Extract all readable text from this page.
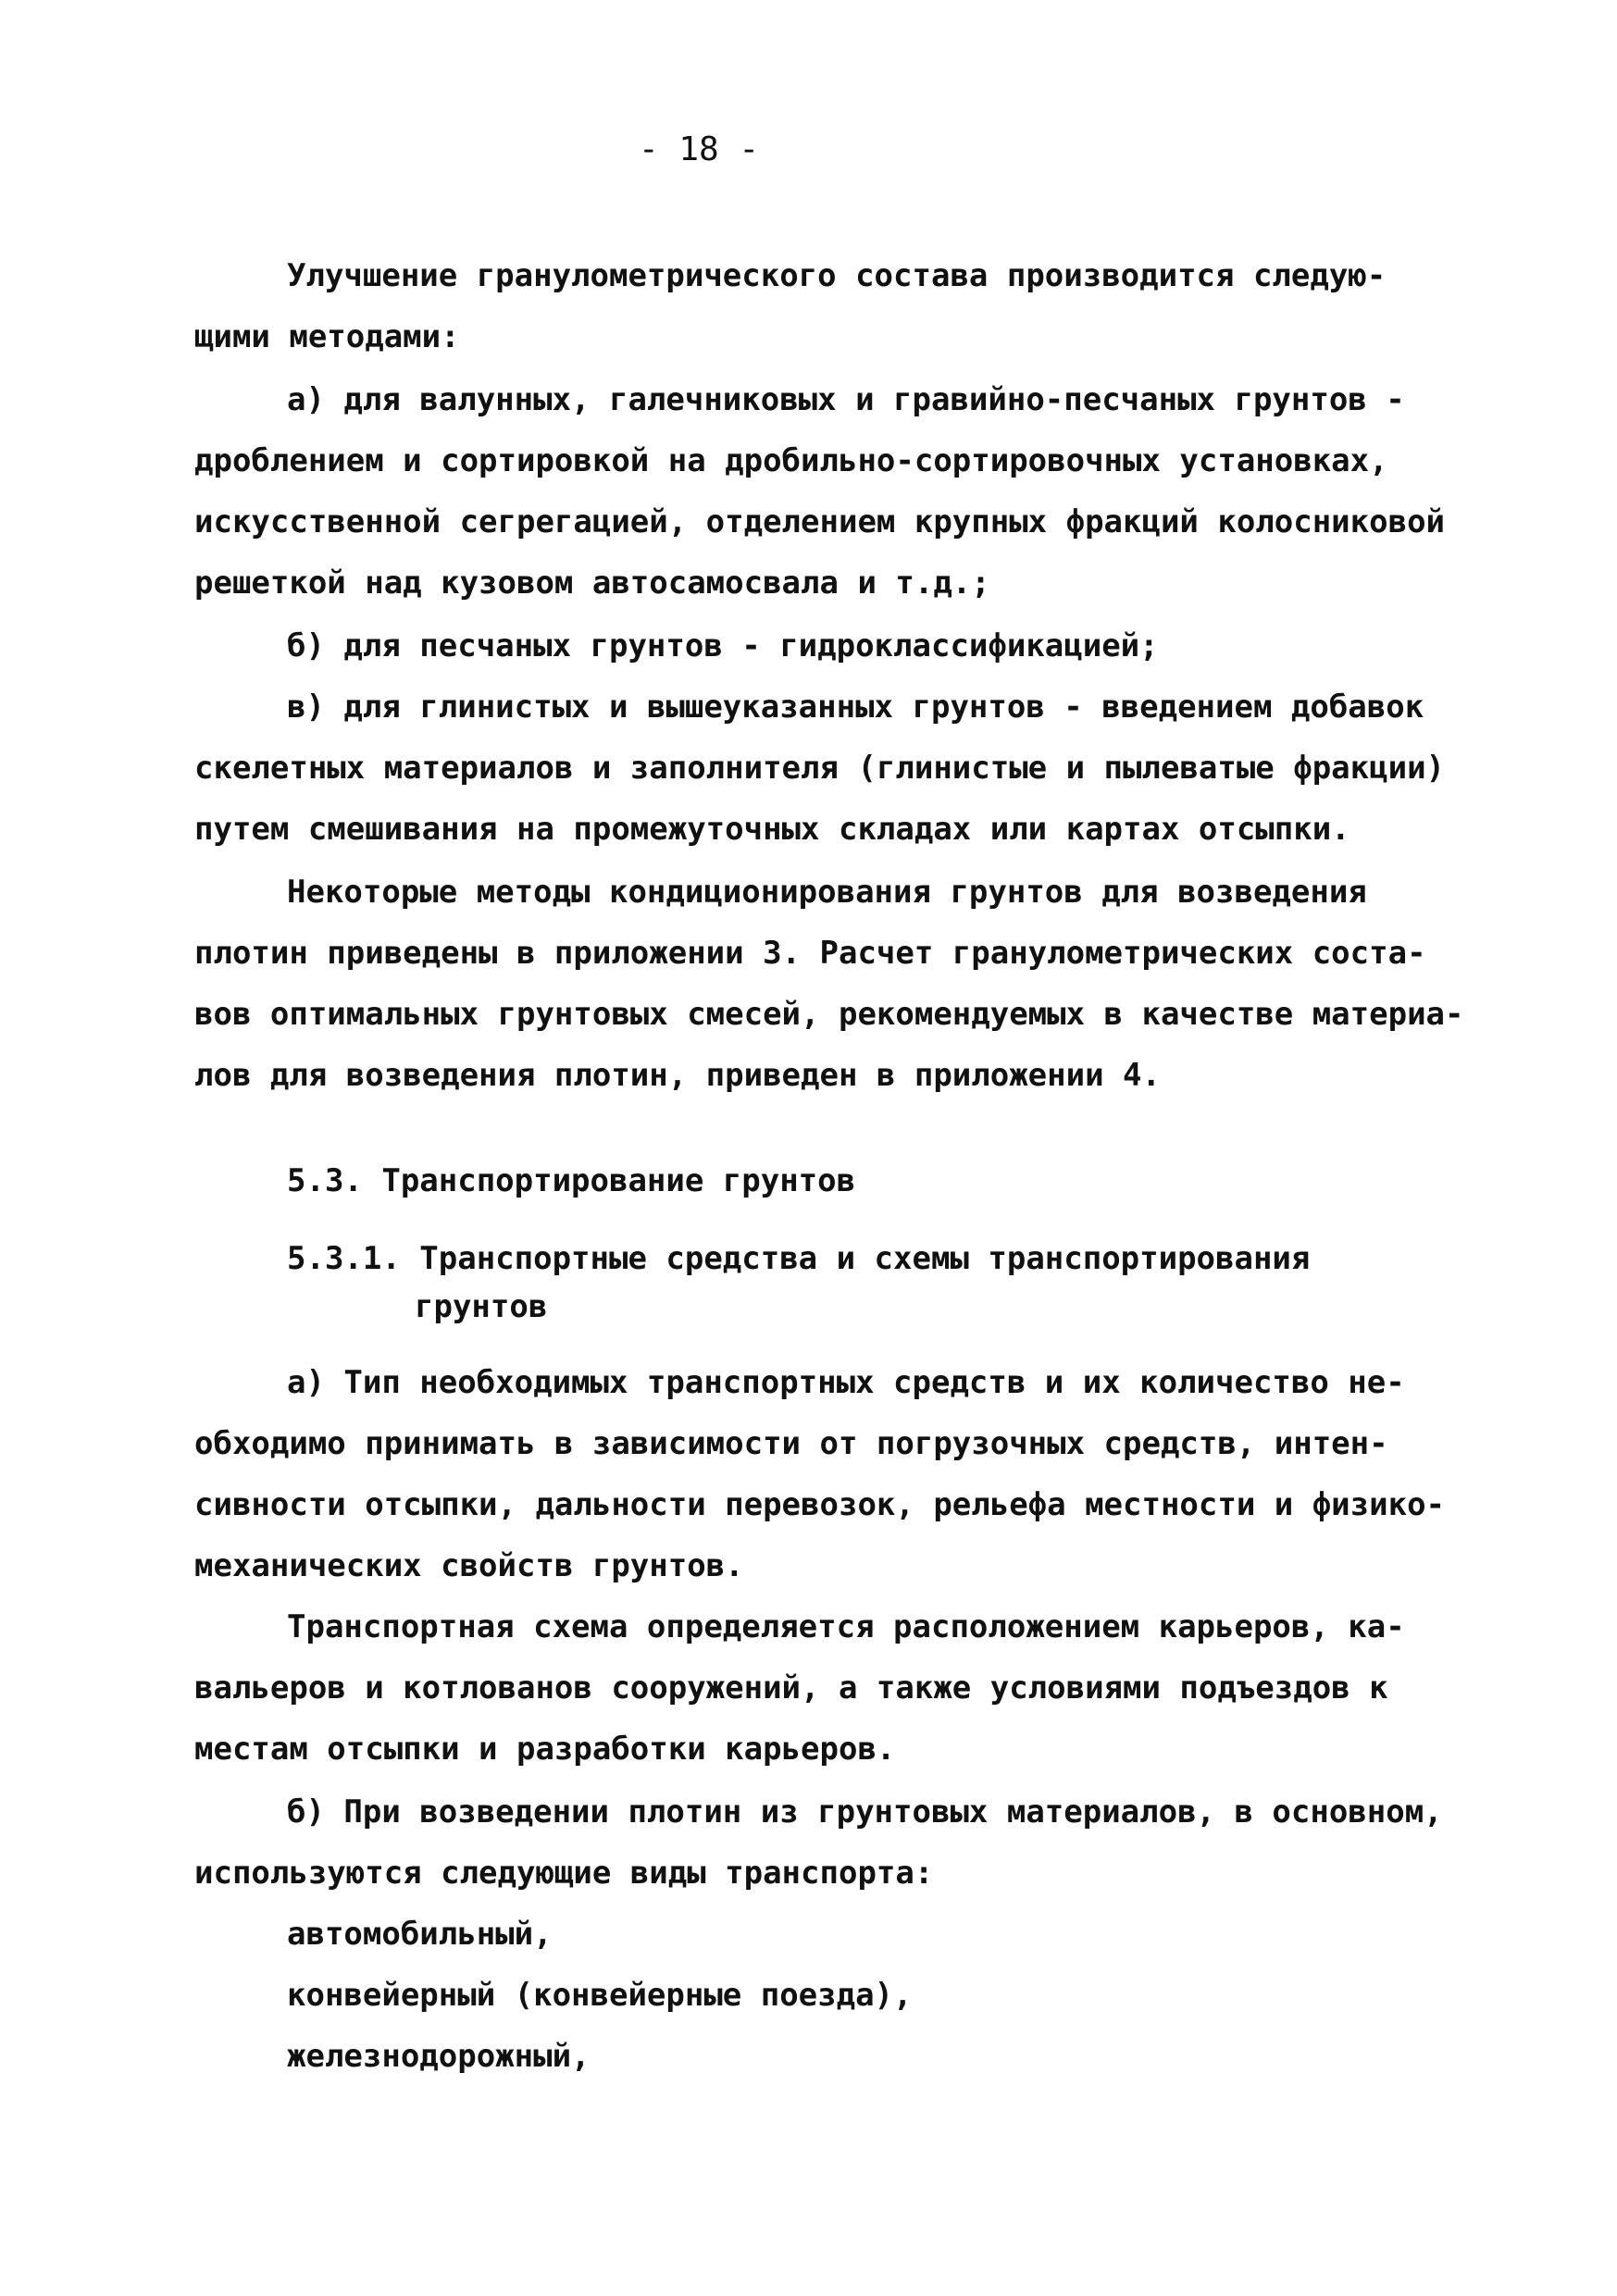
- 18 -
Улучшение гранулометрического состава производится следую-
щими методами:
а) для валунных, галечниковых и гравийно-песчаных грунтов -
дроблением и сортировкой на дробильно-сортировочных установках,
искусственной сегрегацией, отделением крупных фракций колосниковой
решеткой над кузовом автосамосвала и т.д.;
б) для песчаных грунтов - гидроклассификацией;
в) для глинистых и вышеуказанных грунтов - введением добавок
скелетных материалов и заполнителя (глинистые и пылеватые фракции)
путем смешивания на промежуточных складах или картах отсыпки.
Некоторые методы кондиционирования грунтов для возведения
плотин приведены в приложении 3. Расчет гранулометрических соста-
вов оптимальных грунтовых смесей, рекомендуемых в качестве материа-
лов для возведения плотин, приведен в приложении 4.
5.3. Транспортирование грунтов
5.3.1. Транспортные средства и схемы транспортирования
грунтов
а) Тип необходимых транспортных средств и их количество не-
обходимо принимать в зависимости от погрузочных средств, интен-
сивности отсыпки, дальности перевозок, рельефа местности и физико-
механических свойств грунтов.
Транспортная схема определяется расположением карьеров, ка-
вальеров и котлованов сооружений, а также условиями подъездов к
местам отсыпки и разработки карьеров.
б) При возведении плотин из грунтовых материалов, в основном,
используются следующие виды транспорта:
автомобильный,
конвейерный (конвейерные поезда),
железнодорожный,
